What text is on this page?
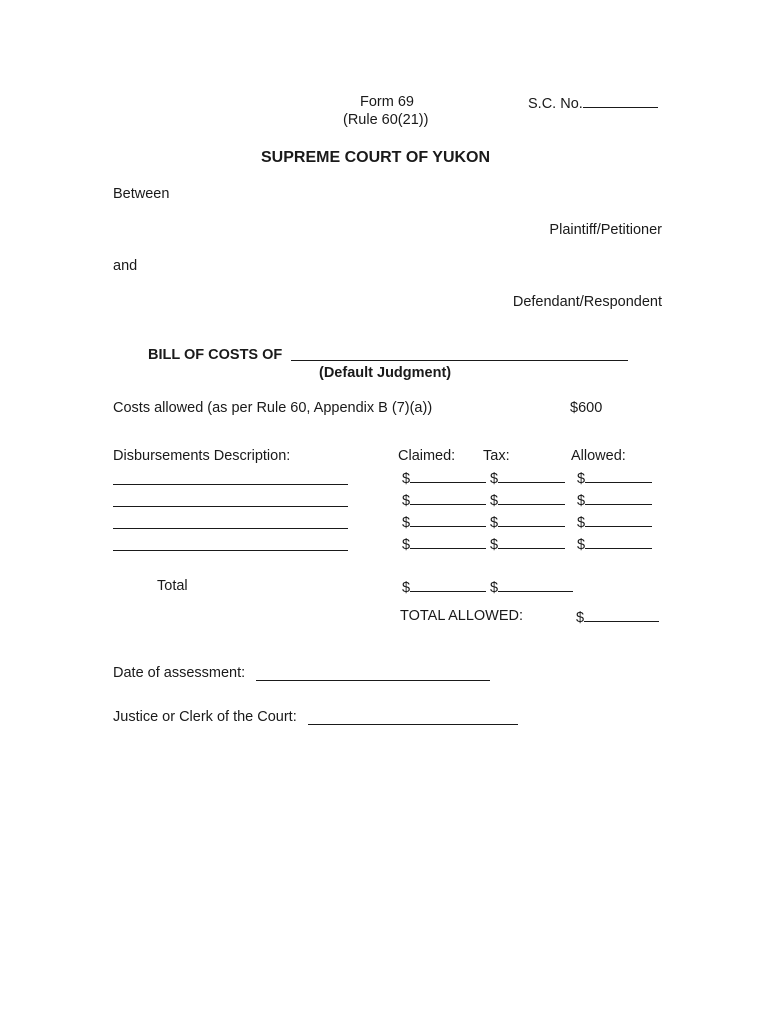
Form 69
(Rule 60(21))
S.C. No.
SUPREME COURT OF YUKON
Between
Plaintiff/Petitioner
and
Defendant/Respondent
BILL OF COSTS OF
(Default Judgment)
Costs allowed (as per Rule 60, Appendix B (7)(a))	$600
Disbursements Description:	Claimed: Tax:	Allowed:
$	$	$
$	$	$
$	$	$
$	$	$
Total	$	$
TOTAL ALLOWED:	$
Date of assessment:
Justice or Clerk of the Court:
